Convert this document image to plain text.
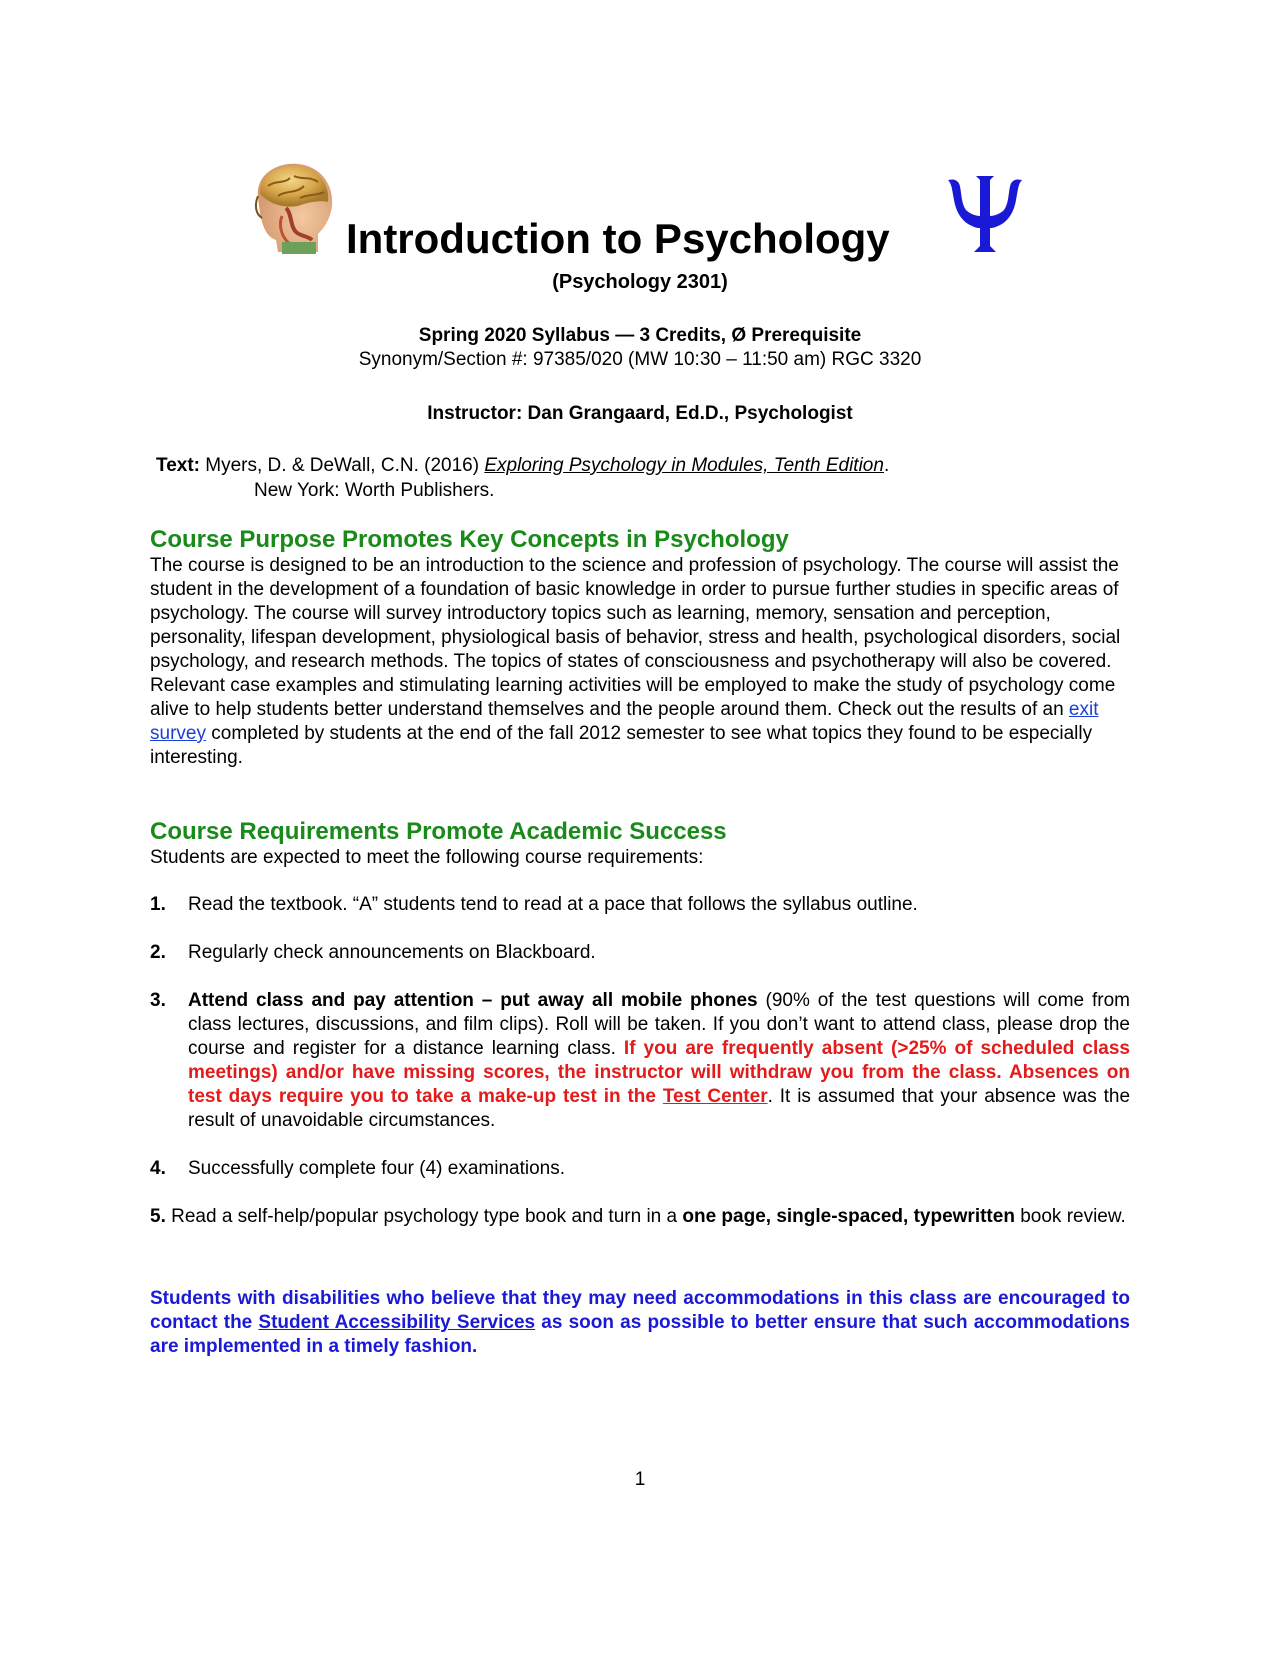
Introduction to Psychology
(Psychology 2301)
Spring 2020 Syllabus — 3 Credits, Ø Prerequisite
Synonym/Section #: 97385/020 (MW 10:30 – 11:50 am) RGC 3320
Instructor: Dan Grangaard, Ed.D., Psychologist
Text: Myers, D. & DeWall, C.N. (2016) Exploring Psychology in Modules, Tenth Edition.
New York: Worth Publishers.
Course Purpose Promotes Key Concepts in Psychology

The course is designed to be an introduction to the science and profession of psychology. The course will assist the student in the development of a foundation of basic knowledge in order to pursue further studies in specific areas of psychology. The course will survey introductory topics such as learning, memory, sensation and perception, personality, lifespan development, physiological basis of behavior, stress and health, psychological disorders, social psychology, and research methods. The topics of states of consciousness and psychotherapy will also be covered. Relevant case examples and stimulating learning activities will be employed to make the study of psychology come alive to help students better understand themselves and the people around them. Check out the results of an exit survey completed by students at the end of the fall 2012 semester to see what topics they found to be especially interesting.

Course Requirements Promote Academic Success

Students are expected to meet the following course requirements:

1. Read the textbook. “A” students tend to read at a pace that follows the syllabus outline.
2. Regularly check announcements on Blackboard.
3. Attend class and pay attention – put away all mobile phones (90% of the test questions will come from class lectures, discussions, and film clips). Roll will be taken. If you don’t want to attend class, please drop the course and register for a distance learning class. If you are frequently absent (>25% of scheduled class meetings) and/or have missing scores, the instructor will withdraw you from the class. Absences on test days require you to take a make-up test in the Test Center. It is assumed that your absence was the result of unavoidable circumstances.
4. Successfully complete four (4) examinations.
5. Read a self-help/popular psychology type book and turn in a one page, single-spaced, typewritten book review.
Students with disabilities who believe that they may need accommodations in this class are encouraged to contact the Student Accessibility Services as soon as possible to better ensure that such accommodations are implemented in a timely fashion.
1
